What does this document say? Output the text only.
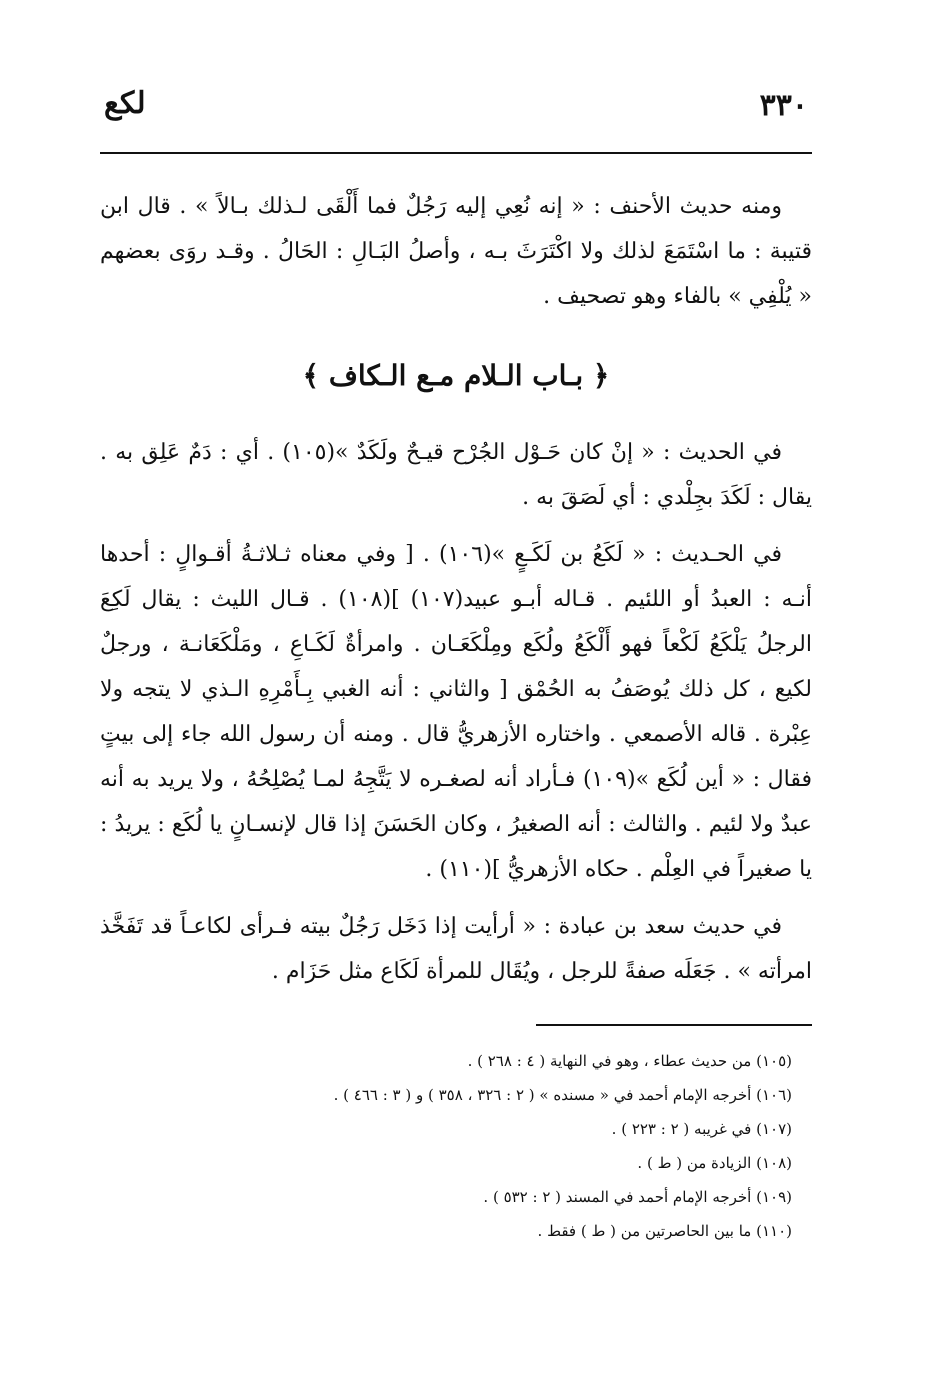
٣٣٠
لكع

ومنه حديث الأحنف : « إنه نُعِي إليه رَجُلٌ فما أَلْقَى لـذلك بـالاً » . قال ابن قتيبة : ما اسْتَمَعَ لذلك ولا اكْتَرَثَ بـه ، وأصلُ البَـالِ : الحَالُ . وقـد روَى بعضهم « يُلْفِي » بالفاء وهو تصحيف .

﴿ بـاب الـلام مـع الـكاف ﴾

في الحديث : « إنْ كان حَـوْل الجُرْح قيـحٌ ولَكَدٌ »(١٠٥) . أي : دَمٌ عَلِق به . يقال : لَكَدَ بجِلْدي : أي لَصَقَ به .

في الحـديث : « لَكَعُ بن لَكَـعٍ »(١٠٦) . [ وفي معناه ثـلاثـةُ أقـوالٍ : أحدها أنـه : العبدُ أو اللئيم . قـاله أبـو عبيد(١٠٧) ](١٠٨) . قـال الليث : يقال لَكِعَ الرجلُ يَلْكَعُ لَكْعاً فهو أَلْكَعُ ولُكَع ومِلْكَعَـان . وامرأةٌ لَكَـاعِ ، ومَلْكَعَانـة ، ورجلٌ لكيع ، كل ذلك يُوصَفُ به الحُمْق [ والثاني : أنه الغبي بِـأَمْرِهِ الـذي لا يتجه ولا عِبْرة . قاله الأصمعي . واختاره الأزهريُّ قال . ومنه أن رسول الله جاء إلى بيتٍ فقال : « أين لُكَع »(١٠٩) فـأراد أنه لصغـره لا يَتَّجِهُ لمـا يُصْلِحُهُ ، ولا يريد به أنه عبدٌ ولا لئيم . والثالث : أنه الصغيرُ ، وكان الحَسَنَ إذا قال لإنسـانٍ يا لُكَع : يريدُ : يا صغيراً في العِلْم . حكاه الأزهريُّ ](١١٠) .

في حديث سعد بن عبادة : « أرأيت إذا دَخَل رَجُلٌ بيته فـرأى لكاعـاً قد تَفَخَّذ امرأته » . جَعَلَه صفةً للرجل ، ويُقَال للمرأة لَكَاع مثل حَزَام .

(١٠٥) من حديث عطاء ، وهو في النهاية ( ٤ : ٢٦٨ ) .
(١٠٦) أخرجه الإمام أحمد في « مسنده » ( ٢ : ٣٢٦ ، ٣٥٨ ) و ( ٣ : ٤٦٦ ) .
(١٠٧) في غريبه ( ٢ : ٢٢٣ ) .
(١٠٨) الزيادة من ( ط ) .
(١٠٩) أخرجه الإمام أحمد في المسند ( ٢ : ٥٣٢ ) .
(١١٠) ما بين الحاصرتين من ( ط ) فقط .
